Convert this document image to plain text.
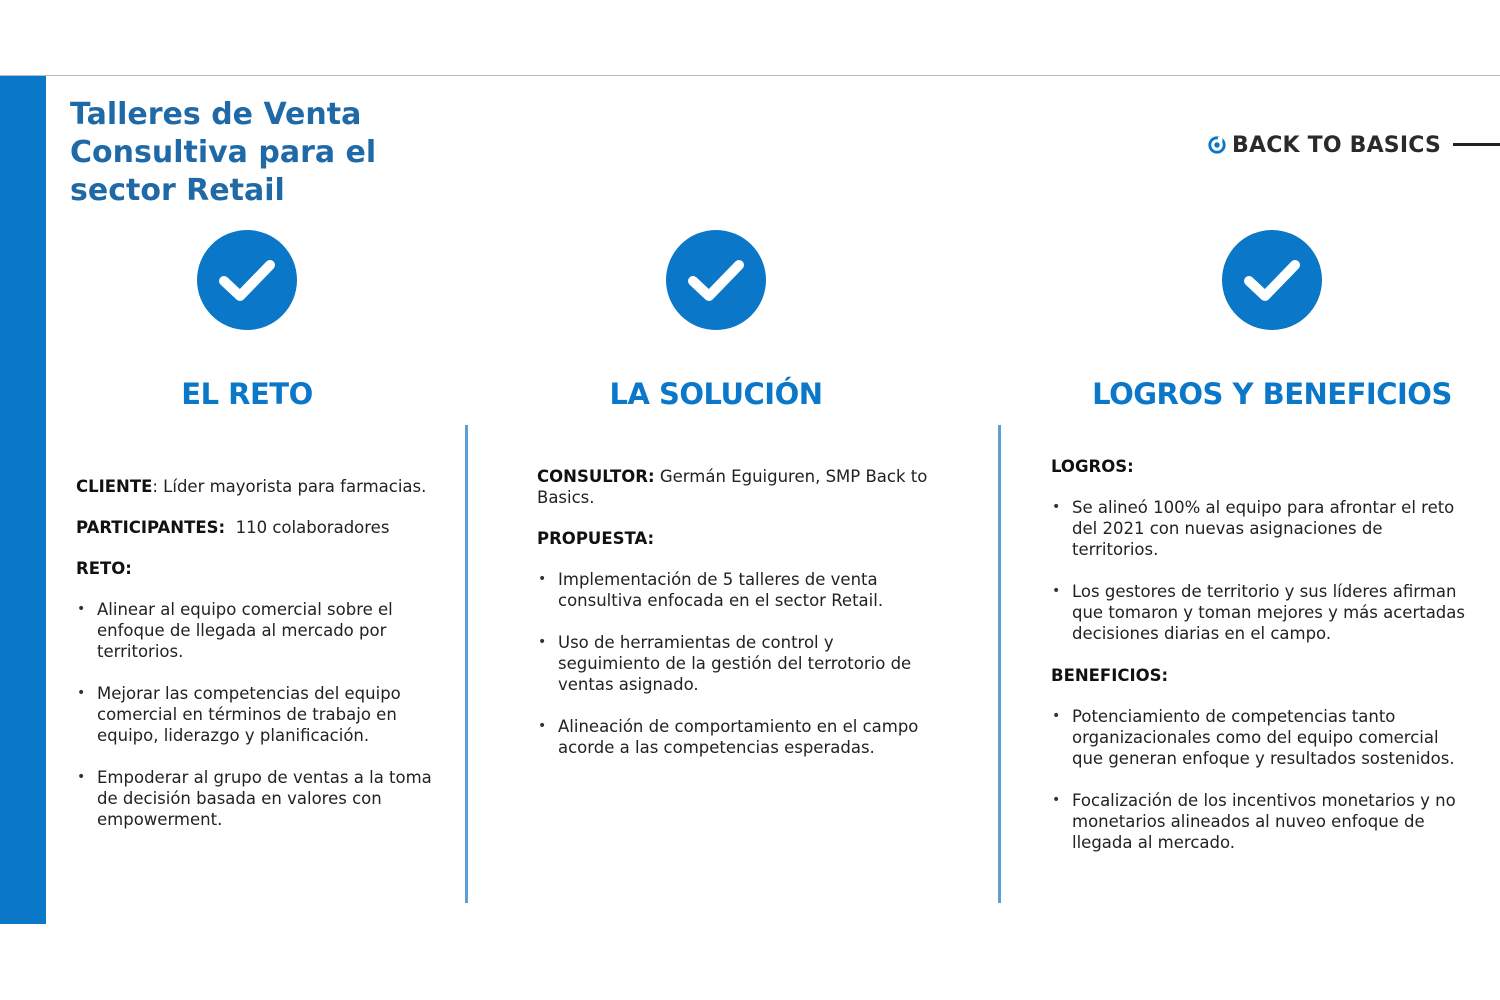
Talleres de Venta
Consultiva para el
sector Retail
BACK TO BASICS
EL RETO	LA SOLUCIÓN	LOGROS Y BENEFICIOS

CLIENTE: Líder mayorista para farmacias.

PARTICIPANTES: 110 colaboradores

RETO:

• Alinear al equipo comercial sobre el enfoque de llegada al mercado por territorios.
• Mejorar las competencias del equipo comercial en términos de trabajo en equipo, liderazgo y planificación.
• Empoderar al grupo de ventas a la toma de decisión basada en valores con empowerment.

CONSULTOR: Germán Eguiguren, SMP Back to Basics.

PROPUESTA:

• Implementación de 5 talleres de venta consultiva enfocada en el sector Retail.
• Uso de herramientas de control y seguimiento de la gestión del terrotorio de ventas asignado.
• Alineación de comportamiento en el campo acorde a las competencias esperadas.

LOGROS:

• Se alineó 100% al equipo para afrontar el reto del 2021 con nuevas asignaciones de territorios.
• Los gestores de territorio y sus líderes afirman que tomaron y toman mejores y más acertadas decisiones diarias en el campo.

BENEFICIOS:

• Potenciamiento de competencias tanto organizacionales como del equipo comercial que generan enfoque y resultados sostenidos.
• Focalización de los incentivos monetarios y no monetarios alineados al nuveo enfoque de llegada al mercado.
